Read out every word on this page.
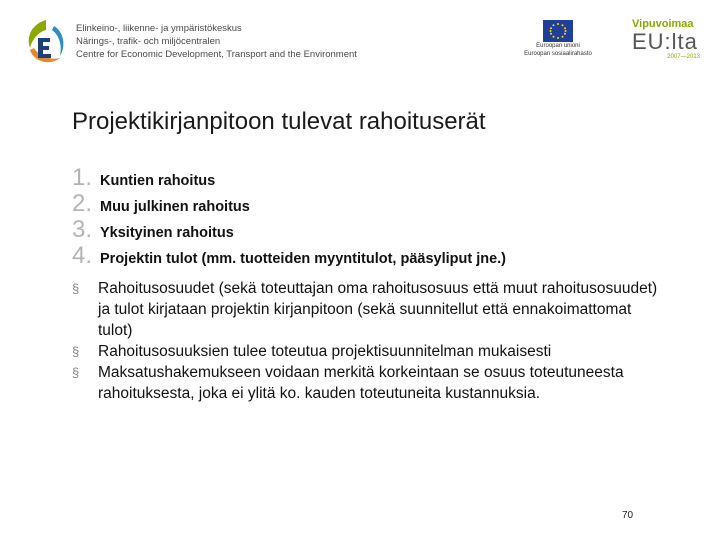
Elinkeino-, liikenne- ja ympäristökeskus
Närings-, trafik- och miljöcentralen
Centre for Economic Development, Transport and the Environment
Euroopan unioni
Euroopan sosiaalirahasto
Vipuvoimaa
EU:lta
2007—2013
Projektikirjanpitoon tulevat rahoituserät
1. Kuntien rahoitus
2. Muu julkinen rahoitus
3. Yksityinen rahoitus
4. Projektin tulot (mm. tuotteiden myyntitulot, pääsyliput jne.)
§	Rahoitusosuudet (sekä toteuttajan oma rahoitusosuus että muut rahoitusosuudet) ja tulot kirjataan projektin kirjanpitoon (sekä suunnitellut että ennakoimattomat tulot)
§	Rahoitusosuuksien tulee toteutua projektisuunnitelman mukaisesti
§	Maksatushakemukseen voidaan merkitä korkeintaan se osuus toteutuneesta rahoituksesta, joka ei ylitä ko. kauden toteutuneita kustannuksia.
70
